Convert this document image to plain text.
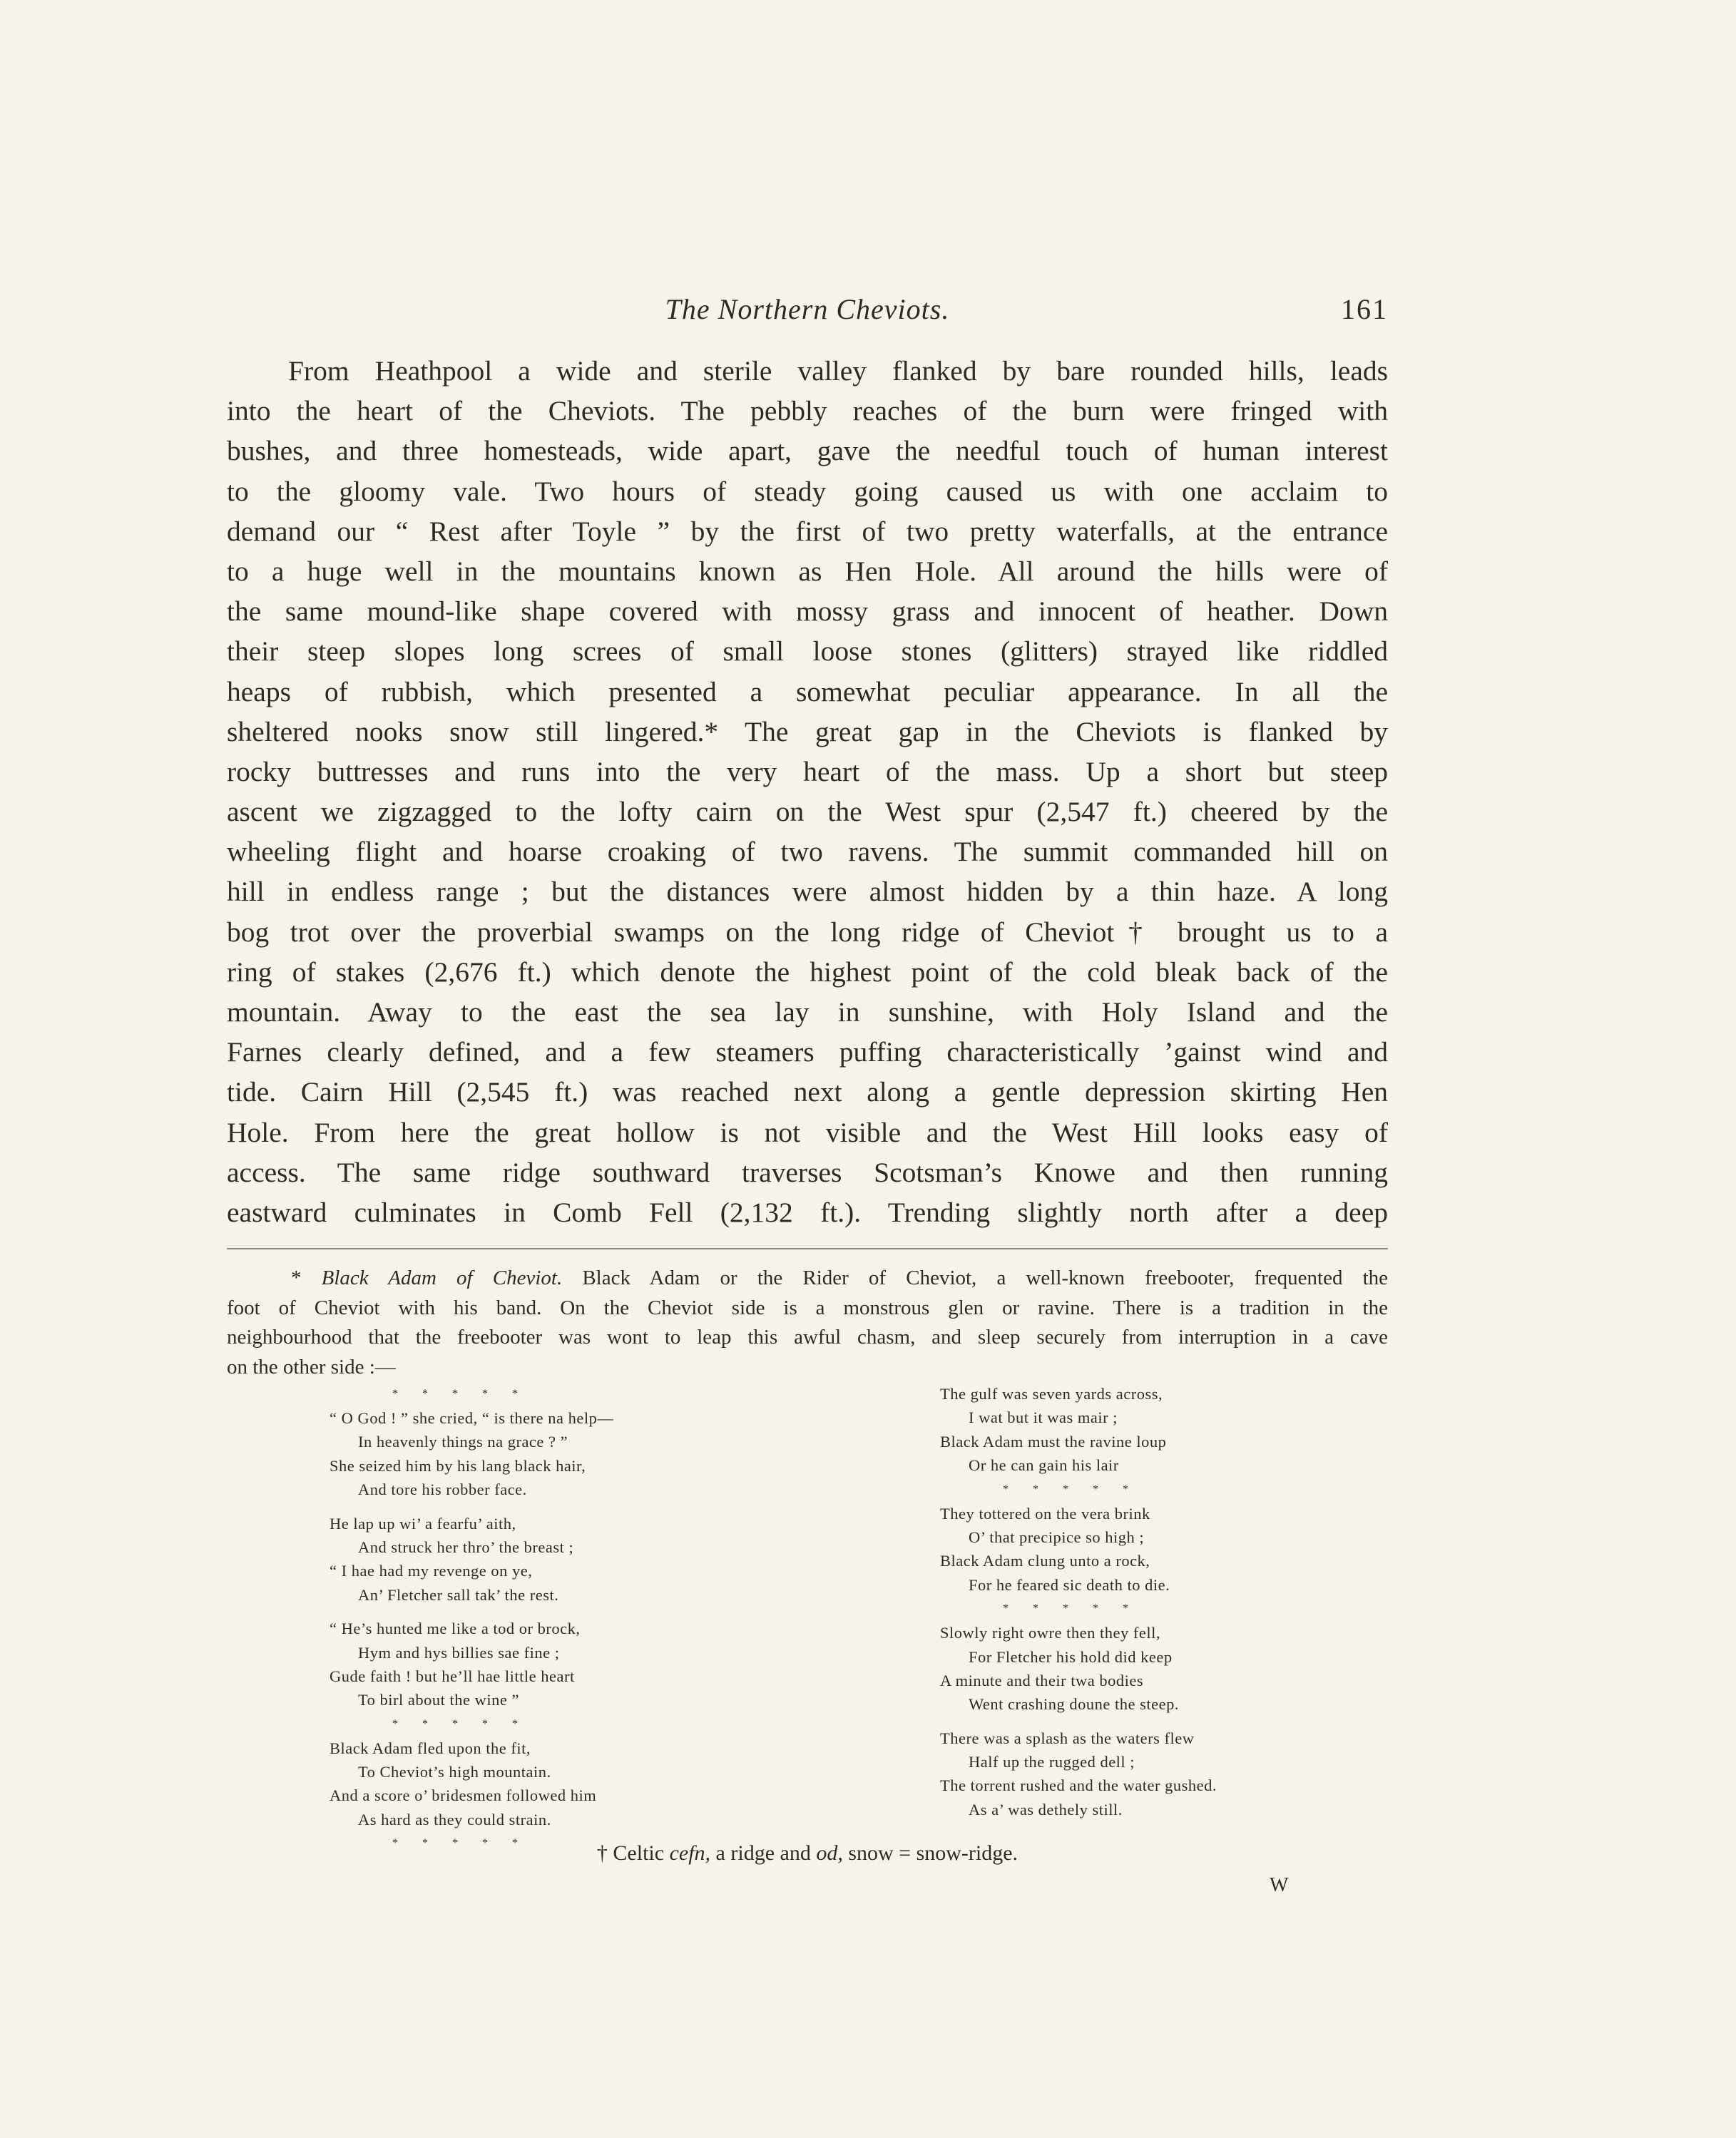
The Northern Cheviots.	161

From Heathpool a wide and sterile valley flanked by bare rounded hills, leads
into the heart of the Cheviots. The pebbly reaches of the burn were fringed with
bushes, and three homesteads, wide apart, gave the needful touch of human interest
to the gloomy vale. Two hours of steady going caused us with one acclaim to
demand our “ Rest after Toyle ” by the first of two pretty waterfalls, at the entrance
to a huge well in the mountains known as Hen Hole. All around the hills were of
the same mound-like shape covered with mossy grass and innocent of heather. Down
their steep slopes long screes of small loose stones (glitters) strayed like riddled
heaps of rubbish, which presented a somewhat peculiar appearance. In all the
sheltered nooks snow still lingered.* The great gap in the Cheviots is flanked by
rocky buttresses and runs into the very heart of the mass. Up a short but steep
ascent we zigzagged to the lofty cairn on the West spur (2,547 ft.) cheered by the
wheeling flight and hoarse croaking of two ravens. The summit commanded hill on
hill in endless range ; but the distances were almost hidden by a thin haze. A long
bog trot over the proverbial swamps on the long ridge of Cheviot† brought us to a
ring of stakes (2,676 ft.) which denote the highest point of the cold bleak back of the
mountain. Away to the east the sea lay in sunshine, with Holy Island and the
Farnes clearly defined, and a few steamers puffing characteristically ’gainst wind and
tide. Cairn Hill (2,545 ft.) was reached next along a gentle depression skirting Hen
Hole. From here the great hollow is not visible and the West Hill looks easy of
access. The same ridge southward traverses Scotsman’s Knowe and then running
eastward culminates in Comb Fell (2,132 ft.). Trending slightly north after a deep

* Black Adam of Cheviot. Black Adam or the Rider of Cheviot, a well-known freebooter, frequented the
foot of Cheviot with his band. On the Cheviot side is a monstrous glen or ravine. There is a tradition in the
neighbourhood that the freebooter was wont to leap this awful chasm, and sleep securely from interruption in a cave
on the other side :—

* * * * *
“ O God ! ” she cried, “ is there na help—
In heavenly things na grace ? ”
She seized him by his lang black hair,
And tore his robber face.
He lap up wi’ a fearfu’ aith,
And struck her thro’ the breast ;
“ I hae had my revenge on ye,
An’ Fletcher sall tak’ the rest.
“ He’s hunted me like a tod or brock,
Hym and hys billies sae fine ;
Gude faith ! but he’ll hae little heart
To birl about the wine ”
* * * * *
Black Adam fled upon the fit,
To Cheviot’s high mountain.
And a score o’ bridesmen followed him
As hard as they could strain.
* * * * *
The gulf was seven yards across,
I wat but it was mair ;
Black Adam must the ravine loup
Or he can gain his lair
* * * * *
They tottered on the vera brink
O’ that precipice so high ;
Black Adam clung unto a rock,
For he feared sic death to die.
* * * * *
Slowly right owre then they fell,
For Fletcher his hold did keep
A minute and their twa bodies
Went crashing doune the steep.
There was a splash as the waters flew
Half up the rugged dell ;
The torrent rushed and the water gushed.
As a’ was dethely still.

† Celtic cefn, a ridge and od, snow = snow-ridge.

W
